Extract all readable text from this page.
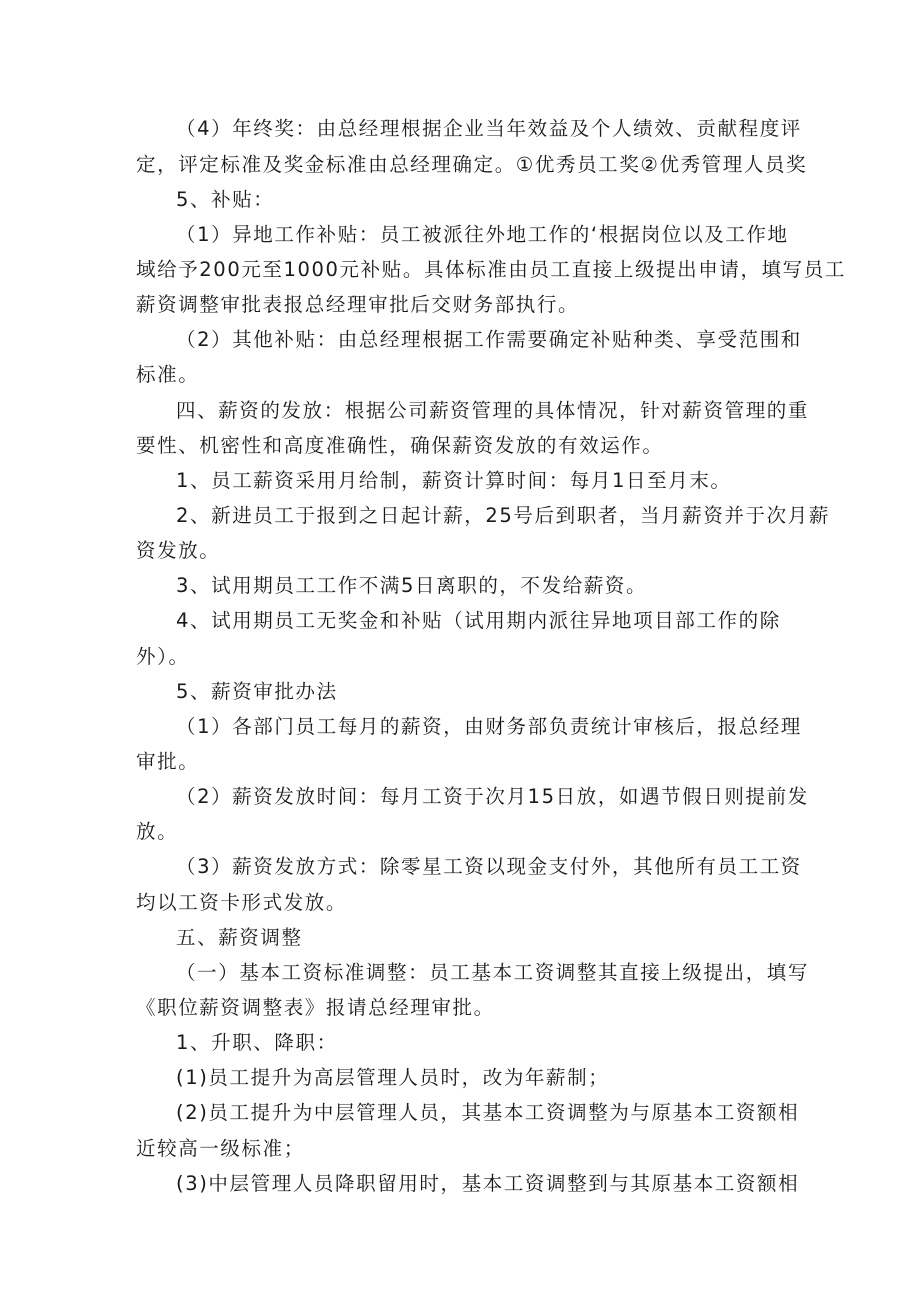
（4）年终奖：由总经理根据企业当年效益及个人绩效、贡献程度评
定，评定标准及奖金标准由总经理确定。①优秀员工奖②优秀管理人员奖
5、补贴：
（1）异地工作补贴：员工被派往外地工作的‘根据岗位以及工作地
域给予200元至1000元补贴。具体标准由员工直接上级提出申请，填写员工
薪资调整审批表报总经理审批后交财务部执行。
（2）其他补贴：由总经理根据工作需要确定补贴种类、享受范围和
标准。
四、薪资的发放：根据公司薪资管理的具体情况，针对薪资管理的重
要性、机密性和高度准确性，确保薪资发放的有效运作。
1、员工薪资采用月给制，薪资计算时间：每月1日至月末。
2、新进员工于报到之日起计薪，25号后到职者，当月薪资并于次月薪
资发放。
3、试用期员工工作不满5日离职的，不发给薪资。
4、试用期员工无奖金和补贴（试用期内派往异地项目部工作的除
外）。
5、薪资审批办法
（1）各部门员工每月的薪资，由财务部负责统计审核后，报总经理
审批。
（2）薪资发放时间：每月工资于次月15日放，如遇节假日则提前发
放。
（3）薪资发放方式：除零星工资以现金支付外，其他所有员工工资
均以工资卡形式发放。
五、薪资调整
（一）基本工资标准调整：员工基本工资调整其直接上级提出，填写
《职位薪资调整表》报请总经理审批。
1、升职、降职：
(1)员工提升为高层管理人员时，改为年薪制；
(2)员工提升为中层管理人员，其基本工资调整为与原基本工资额相
近较高一级标准；
(3)中层管理人员降职留用时，基本工资调整到与其原基本工资额相
